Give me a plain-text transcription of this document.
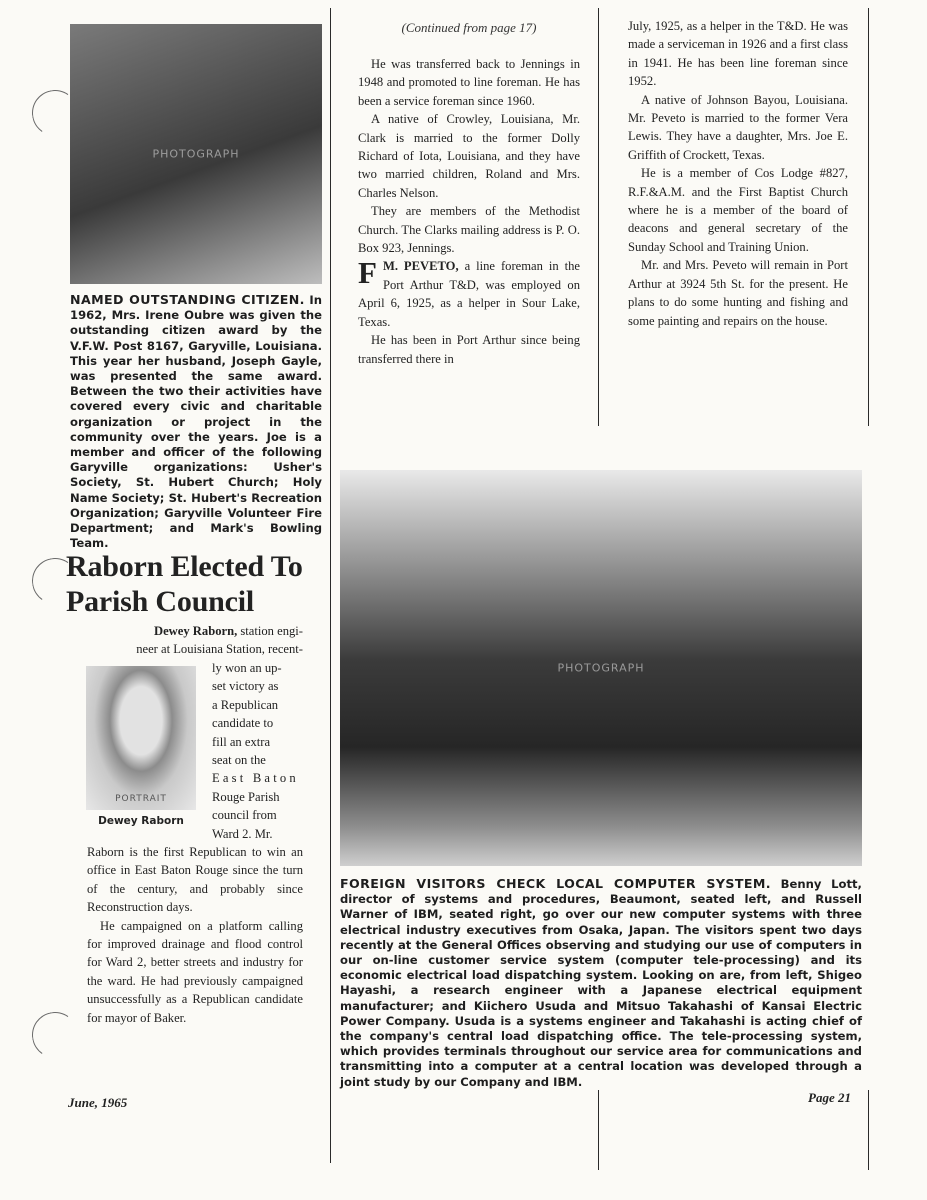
PHOTOGRAPH

NAMED OUTSTANDING CITIZEN. In 1962, Mrs. Irene Oubre was given the outstanding citizen award by the V.F.W. Post 8167, Garyville, Louisiana. This year her husband, Joseph Gayle, was presented the same award. Between the two their activities have covered every civic and charitable organization or project in the community over the years. Joe is a member and officer of the following Garyville organizations: Usher's Society, St. Hubert Church; Holy Name Society; St. Hubert's Recreation Organization; Garyville Volunteer Fire Department; and Mark's Bowling Team.

Raborn Elected To Parish Council
Dewey Raborn, station engi-
neer at Louisiana Station, recent-
PORTRAIT
Dewey Raborn
ly won an up-
set victory as
a Republican
candidate to
fill an extra
seat on the
East Baton
Rouge Parish
council from
Ward 2. Mr.

Raborn is the first Republican to win an office in East Baton Rouge since the turn of the century, and probably since Reconstruction days.

He campaigned on a platform calling for improved drainage and flood control for Ward 2, better streets and industry for the ward. He had previously campaigned unsuccessfully as a Republican candidate for mayor of Baker.

(Continued from page 17)

He was transferred back to Jennings in 1948 and promoted to line foreman. He has been a service foreman since 1960.

A native of Crowley, Louisiana, Mr. Clark is married to the former Dolly Richard of Iota, Louisiana, and they have two married children, Roland and Mrs. Charles Nelson.

They are members of the Methodist Church. The Clarks mailing address is P. O. Box 923, Jennings.

F M. PEVETO, a line foreman in the Port Arthur T&D, was employed on April 6, 1925, as a helper in Sour Lake, Texas.

He has been in Port Arthur since being transferred there in

July, 1925, as a helper in the T&D. He was made a serviceman in 1926 and a first class in 1941. He has been line foreman since 1952.

A native of Johnson Bayou, Louisiana. Mr. Peveto is married to the former Vera Lewis. They have a daughter, Mrs. Joe E. Griffith of Crockett, Texas.

He is a member of Cos Lodge #827, R.F.&A.M. and the First Baptist Church where he is a member of the board of deacons and general secretary of the Sunday School and Training Union.

Mr. and Mrs. Peveto will remain in Port Arthur at 3924 5th St. for the present. He plans to do some hunting and fishing and some painting and repairs on the house.

PHOTOGRAPH

FOREIGN VISITORS CHECK LOCAL COMPUTER SYSTEM. Benny Lott, director of systems and procedures, Beaumont, seated left, and Russell Warner of IBM, seated right, go over our new computer systems with three electrical industry executives from Osaka, Japan. The visitors spent two days recently at the General Offices observing and studying our use of computers in our on-line customer service system (computer tele-processing) and its economic electrical load dispatching system. Looking on are, from left, Shigeo Hayashi, a research engineer with a Japanese electrical equipment manufacturer; and Kiichero Usuda and Mitsuo Takahashi of Kansai Electric Power Company. Usuda is a systems engineer and Takahashi is acting chief of the company's central load dispatching office. The tele-processing system, which provides terminals throughout our service area for communications and transmitting into a computer at a central location was developed through a joint study by our Company and IBM.

June, 1965	Page 21
